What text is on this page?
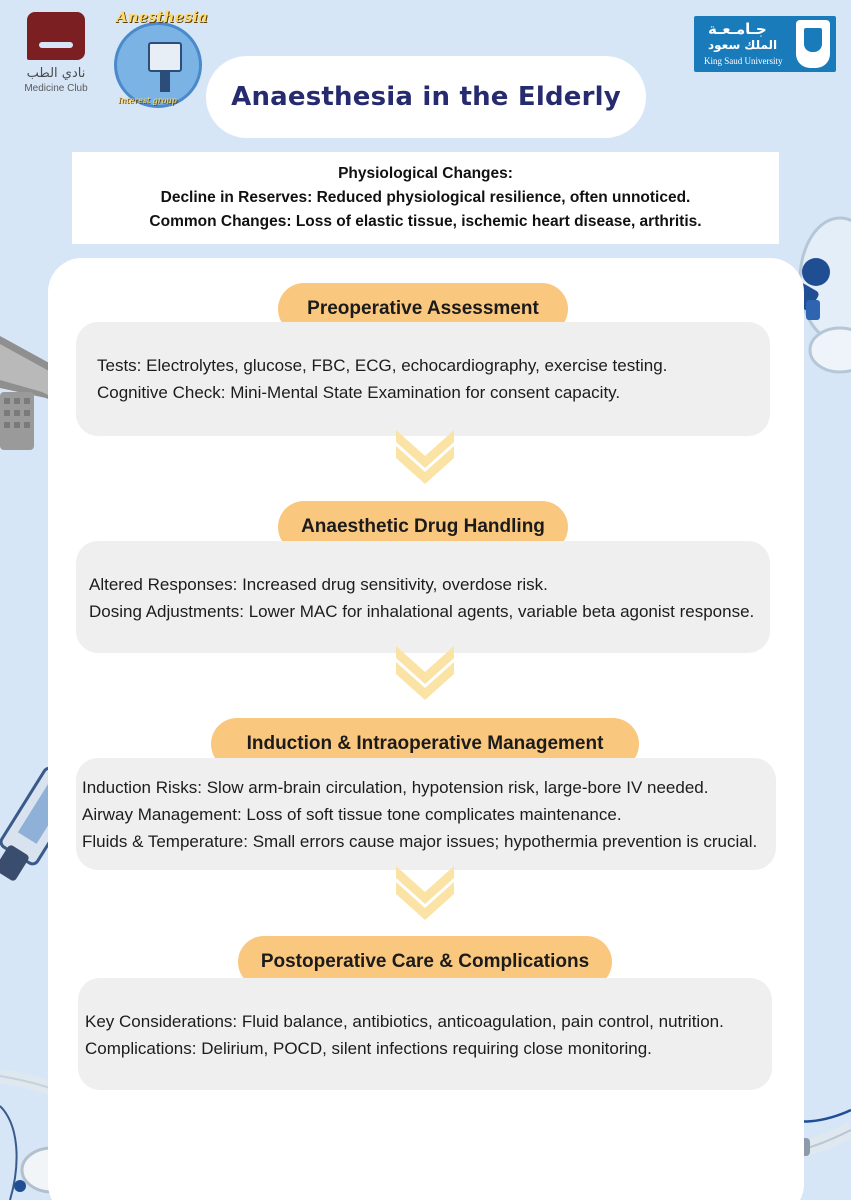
نادي الطب
Medicine Club
Anesthesia
Interest group
جـامـعـة
الملك سعود
King Saud University
Anaesthesia in the Elderly
Physiological Changes:
Decline in Reserves: Reduced physiological resilience, often unnoticed.
Common Changes: Loss of elastic tissue, ischemic heart disease, arthritis.
Preoperative Assessment
Tests: Electrolytes, glucose, FBC, ECG, echocardiography, exercise testing.
Cognitive Check: Mini-Mental State Examination for consent capacity.
Anaesthetic Drug Handling
Altered Responses: Increased drug sensitivity, overdose risk.
Dosing Adjustments: Lower MAC for inhalational agents, variable beta agonist response.
Induction & Intraoperative Management
Induction Risks: Slow arm-brain circulation, hypotension risk, large-bore IV needed.
Airway Management: Loss of soft tissue tone complicates maintenance.
Fluids & Temperature: Small errors cause major issues; hypothermia prevention is crucial.
Postoperative Care & Complications
Key Considerations: Fluid balance, antibiotics, anticoagulation, pain control, nutrition.
Complications: Delirium, POCD, silent infections requiring close monitoring.
